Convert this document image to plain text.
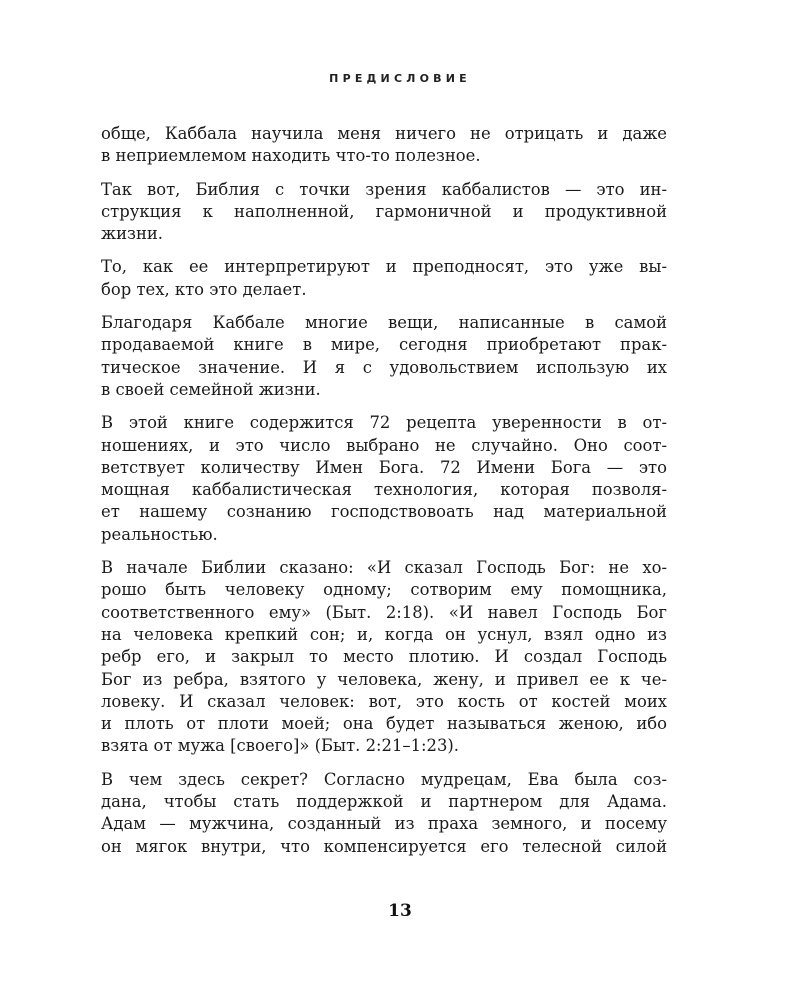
ПРЕДИСЛОВИЕ

обще, Каббала научила меня ничего не отрицать и даже
в неприемлемом находить что-то полезное.

Так вот, Библия с точки зрения каббалистов — это ин-
струкция к наполненной, гармоничной и продуктивной
жизни.

То, как ее интерпретируют и преподносят, это уже вы-
бор тех, кто это делает.

Благодаря Каббале многие вещи, написанные в самой
продаваемой книге в мире, сегодня приобретают прак-
тическое значение. И я с удовольствием использую их
в своей семейной жизни.

В этой книге содержится 72 рецепта уверенности в от-
ношениях, и это число выбрано не случайно. Оно соот-
ветствует количеству Имен Бога. 72 Имени Бога — это
мощная каббалистическая технология, которая позволя-
ет нашему сознанию господствовоать над материальной
реальностью.

В начале Библии сказано: «И сказал Господь Бог: не хо-
рошо быть человеку одному; сотворим ему помощника,
соответственного ему» (Быт. 2:18). «И навел Господь Бог
на человека крепкий сон; и, когда он уснул, взял одно из
ребр его, и закрыл то место плотию. И создал Господь
Бог из ребра, взятого у человека, жену, и привел ее к че-
ловеку. И сказал человек: вот, это кость от костей моих
и плоть от плоти моей; она будет называться женою, ибо
взята от мужа [своего]» (Быт. 2:21–1:23).

В чем здесь секрет? Согласно мудрецам, Ева была соз-
дана, чтобы стать поддержкой и партнером для Адама.
Адам — мужчина, созданный из праха земного, и посему
он мягок внутри, что компенсируется его телесной силой

13
